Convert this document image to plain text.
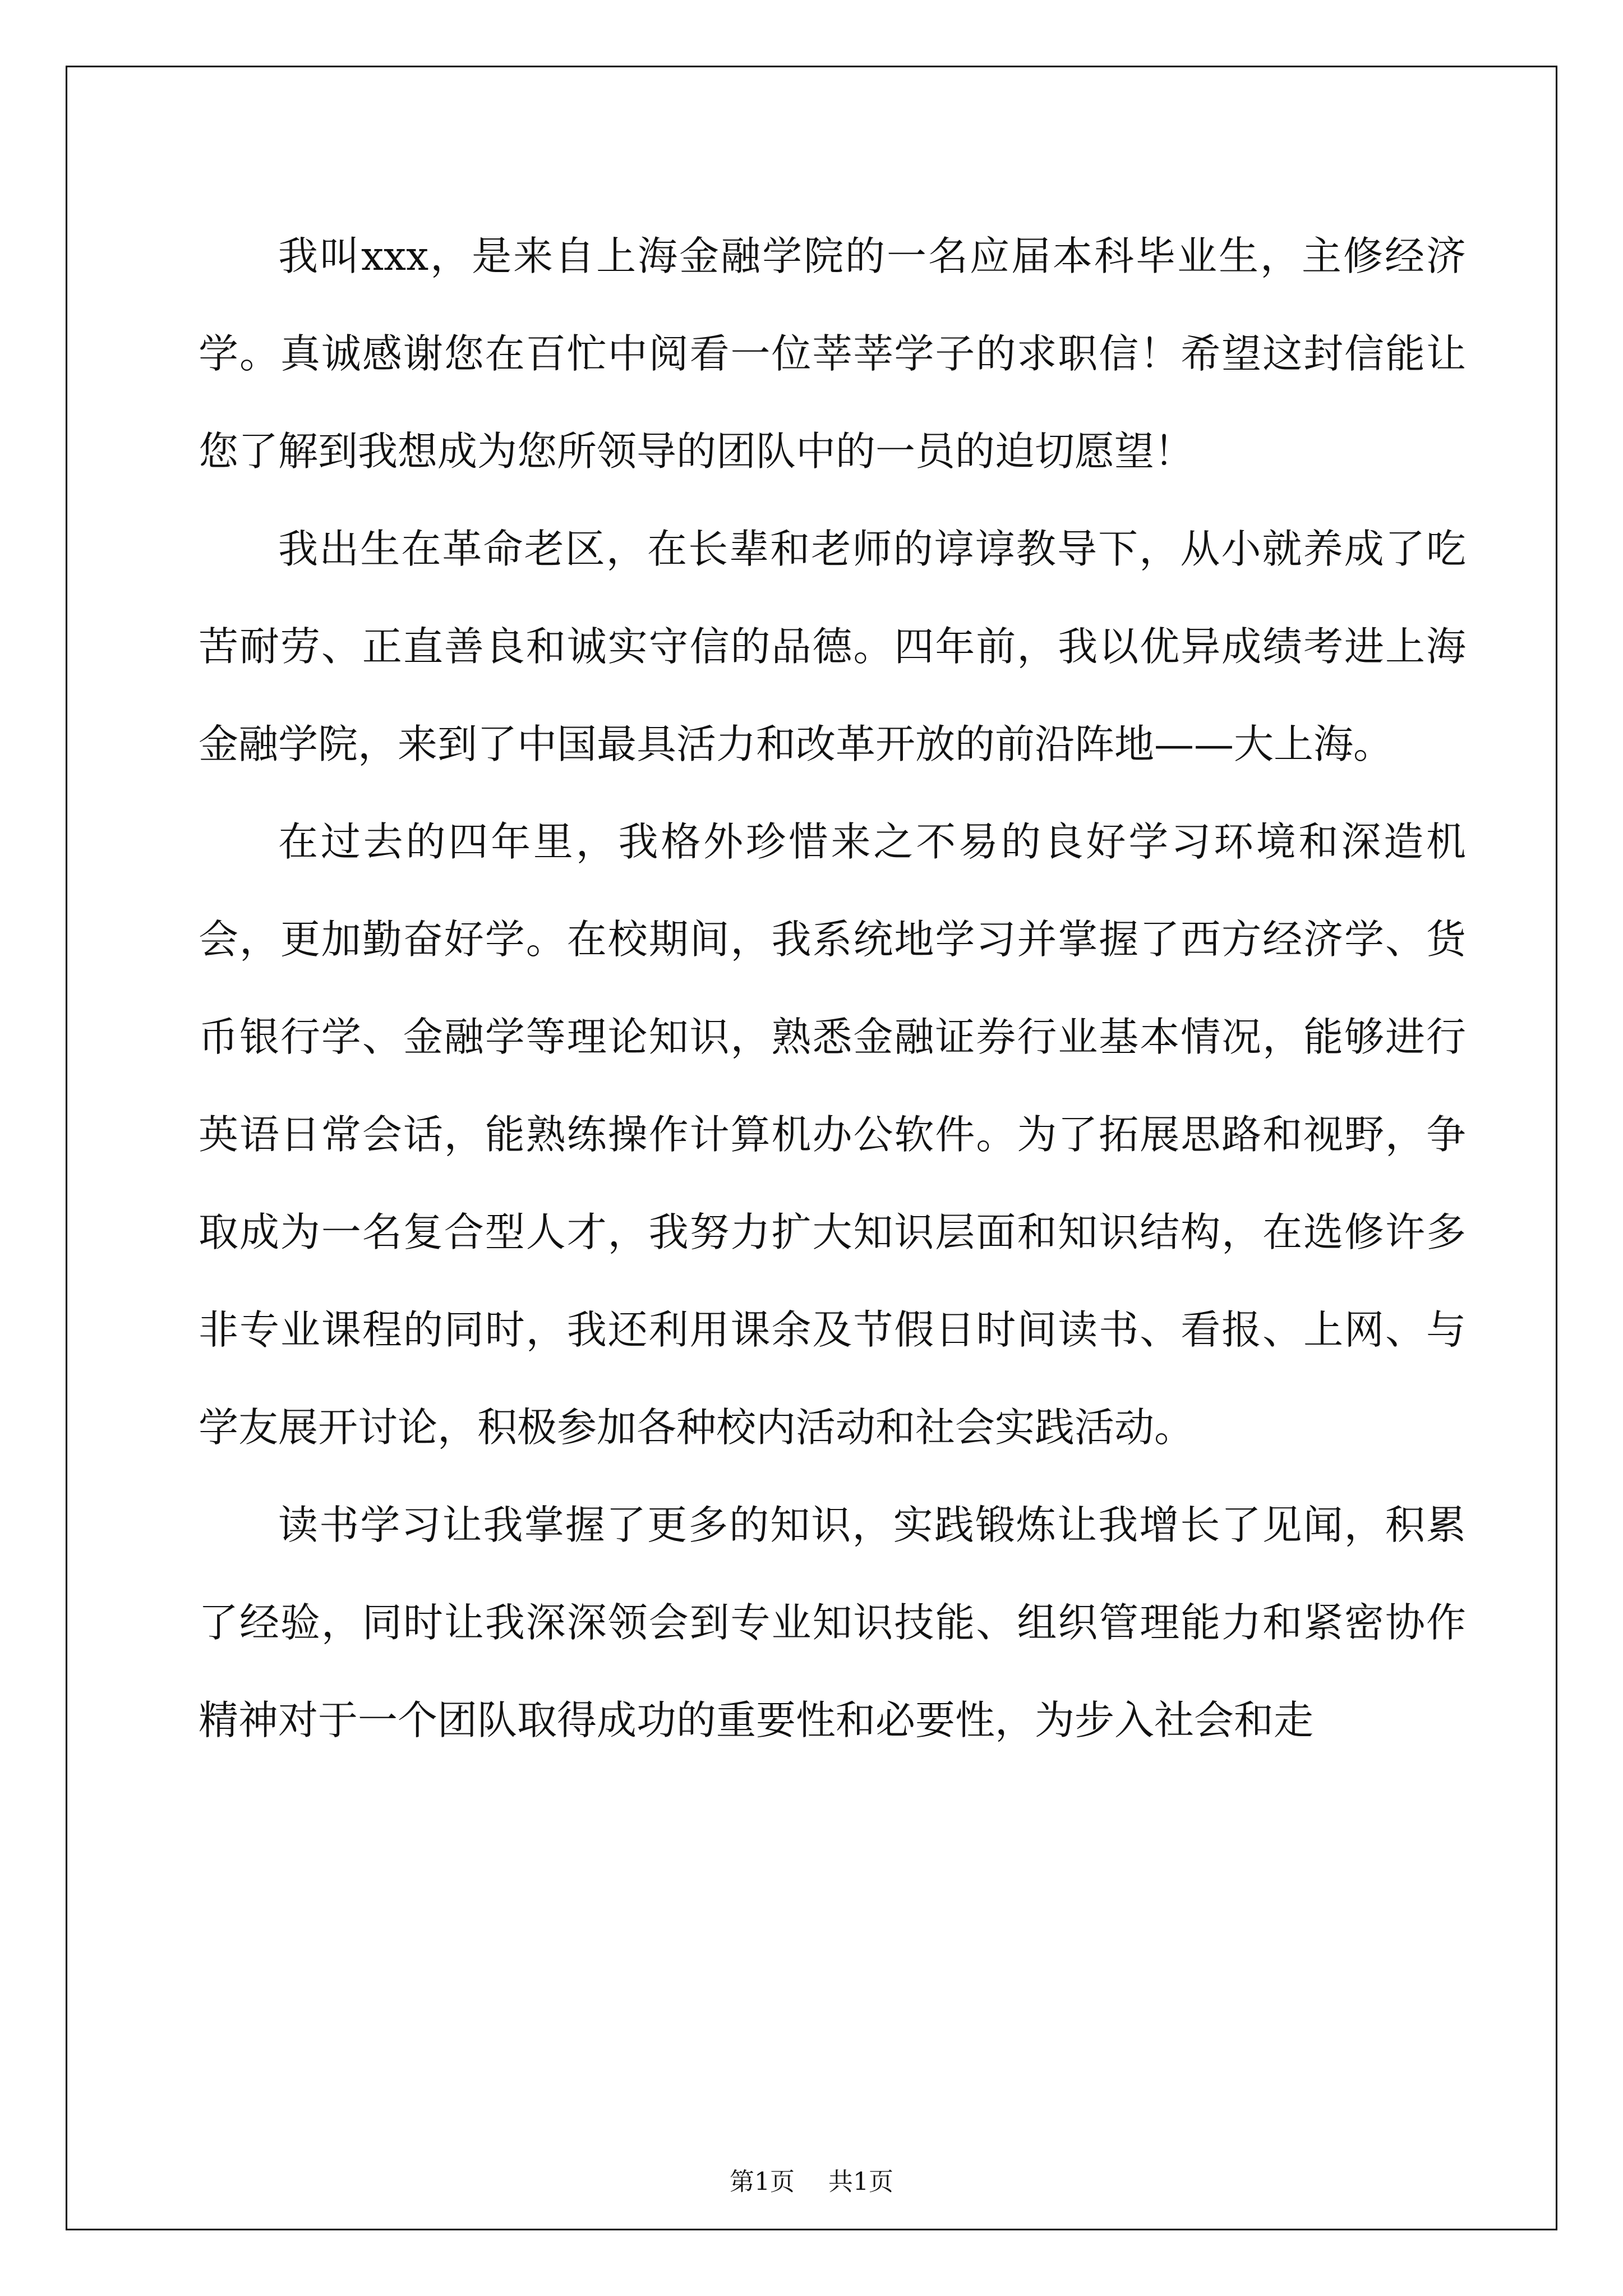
我叫xxx，是来自上海金融学院的一名应届本科毕业生，主修经济学。真诚感谢您在百忙中阅看一位莘莘学子的求职信！希望这封信能让您了解到我想成为您所领导的团队中的一员的迫切愿望！

我出生在革命老区，在长辈和老师的谆谆教导下，从小就养成了吃苦耐劳、正直善良和诚实守信的品德。四年前，我以优异成绩考进上海金融学院，来到了中国最具活力和改革开放的前沿阵地——大上海。

在过去的四年里，我格外珍惜来之不易的良好学习环境和深造机会，更加勤奋好学。在校期间，我系统地学习并掌握了西方经济学、货币银行学、金融学等理论知识，熟悉金融证券行业基本情况，能够进行英语日常会话，能熟练操作计算机办公软件。为了拓展思路和视野，争取成为一名复合型人才，我努力扩大知识层面和知识结构，在选修许多非专业课程的同时，我还利用课余及节假日时间读书、看报、上网、与学友展开讨论，积极参加各种校内活动和社会实践活动。

读书学习让我掌握了更多的知识，实践锻炼让我增长了见闻，积累了经验，同时让我深深领会到专业知识技能、组织管理能力和紧密协作精神对于一个团队取得成功的重要性和必要性，为步入社会和走

第1页 共1页
